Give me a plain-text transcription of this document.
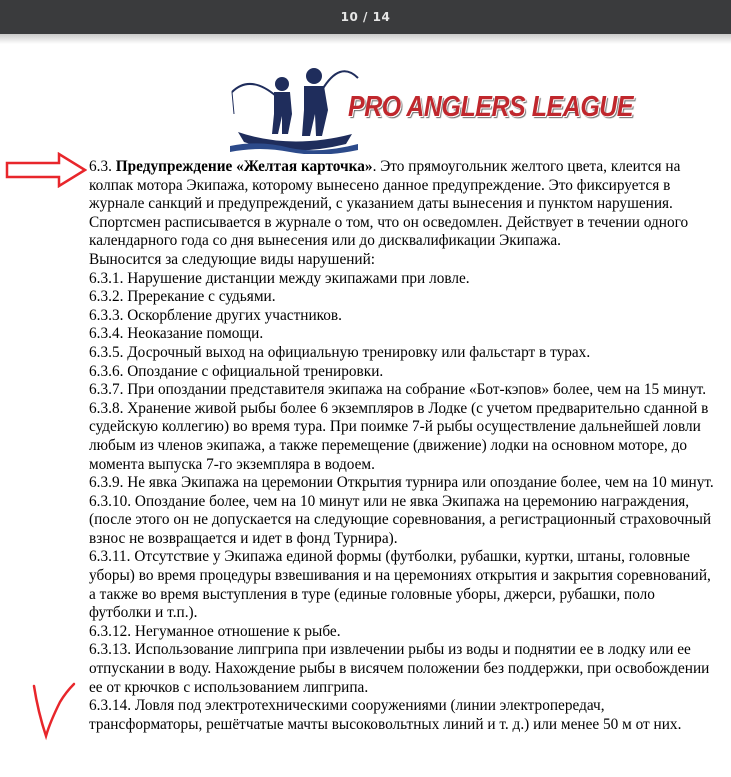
10 / 14
PRO ANGLERS LEAGUE

6.3. Предупреждение «Желтая карточка». Это прямоугольник желтого цвета, клеится на колпак мотора Экипажа, которому вынесено данное предупреждение. Это фиксируется в журнале санкций и предупреждений, с указанием даты вынесения и пунктом нарушения. Спортсмен расписывается в журнале о том, что он осведомлен. Действует в течении одного календарного года со дня вынесения или до дисквалификации Экипажа.

Выносится за следующие виды нарушений:

6.3.1. Нарушение дистанции между экипажами при ловле.

6.3.2. Пререкание с судьями.

6.3.3. Оскорбление других участников.

6.3.4. Неоказание помощи.

6.3.5. Досрочный выход на официальную тренировку или фальстарт в турах.

6.3.6. Опоздание с официальной тренировки.

6.3.7. При опоздании представителя экипажа на собрание «Бот-кэпов» более, чем на 15 минут.

6.3.8. Хранение живой рыбы более 6 экземпляров в Лодке (с учетом предварительно сданной в судейскую коллегию) во время тура. При поимке 7-й рыбы осуществление дальнейшей ловли любым из членов экипажа, а также перемещение (движение) лодки на основном моторе, до момента выпуска 7-го экземпляра в водоем.

6.3.9. Не явка Экипажа на церемонии Открытия турнира или опоздание более, чем на 10 минут.

6.3.10. Опоздание более, чем на 10 минут или не явка Экипажа на церемонию награждения, (после этого он не допускается на следующие соревнования, а регистрационный страховочный взнос не возвращается и идет в фонд Турнира).

6.3.11. Отсутствие у Экипажа единой формы (футболки, рубашки, куртки, штаны, головные уборы) во время процедуры взвешивания и на церемониях открытия и закрытия соревнований, а также во время выступления в туре (единые головные уборы, джерси, рубашки, поло футболки и т.п.).

6.3.12. Негуманное отношение к рыбе.

6.3.13. Использование липгрипа при извлечении рыбы из воды и поднятии ее в лодку или ее отпускании в воду. Нахождение рыбы в висячем положении без поддержки, при освобождении ее от крючков с использованием липгрипа.

6.3.14. Ловля под электротехническими сооружениями (линии электропередач, трансформаторы, решётчатые мачты высоковольтных линий и т. д.) или менее 50 м от них.
